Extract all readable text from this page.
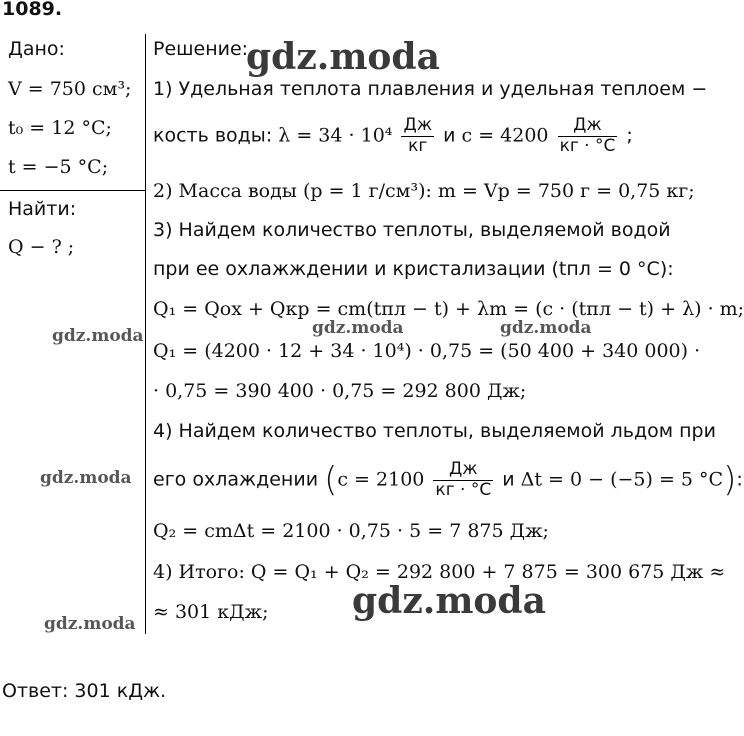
1089.
Дано:
V = 750 см³;
t₀ = 12 °C;
t = −5 °C;
Найти:
Q − ? ;
Решение:
1) Удельная теплота плавления и удельная теплоем −
кость воды: $\lambda = 34 \cdot 10^4 \frac{Дж}{кг}$ и $c = 4200 \frac{Дж}{кг \cdot ^\circ C}$ ;
2) Масса воды (p = 1 г/см³): m = Vp = 750 г = 0,75 кг;
3) Найдем количество теплоты, выделяемой водой
при ее охлажждении и кристализации (tпл = 0 °C):
Q₁ = Qох + Qкр = cm(tпл − t) + λm = (c · (tпл − t) + λ) · m;
Q₁ = (4200 · 12 + 34 · 10⁴) · 0,75 = (50 400 + 340 000) ·
· 0,75 = 390 400 · 0,75 = 292 800 Дж;
4) Найдем количество теплоты, выделяемой льдом при
его охлаждении ($c = 2100 \frac{Дж}{кг \cdot ^\circ C}$ и Δt = 0 − (−5) = 5 °C):
Q₂ = cmΔt = 2100 · 0,75 · 5 = 7 875 Дж;
4) Итого: Q = Q₁ + Q₂ = 292 800 + 7 875 = 300 675 Дж ≈
≈ 301 кДж;
Ответ: 301 кДж.
gdz.moda
gdz.moda
gdz.moda	gdz.moda	gdz.moda
gdz.moda
gdz.moda
